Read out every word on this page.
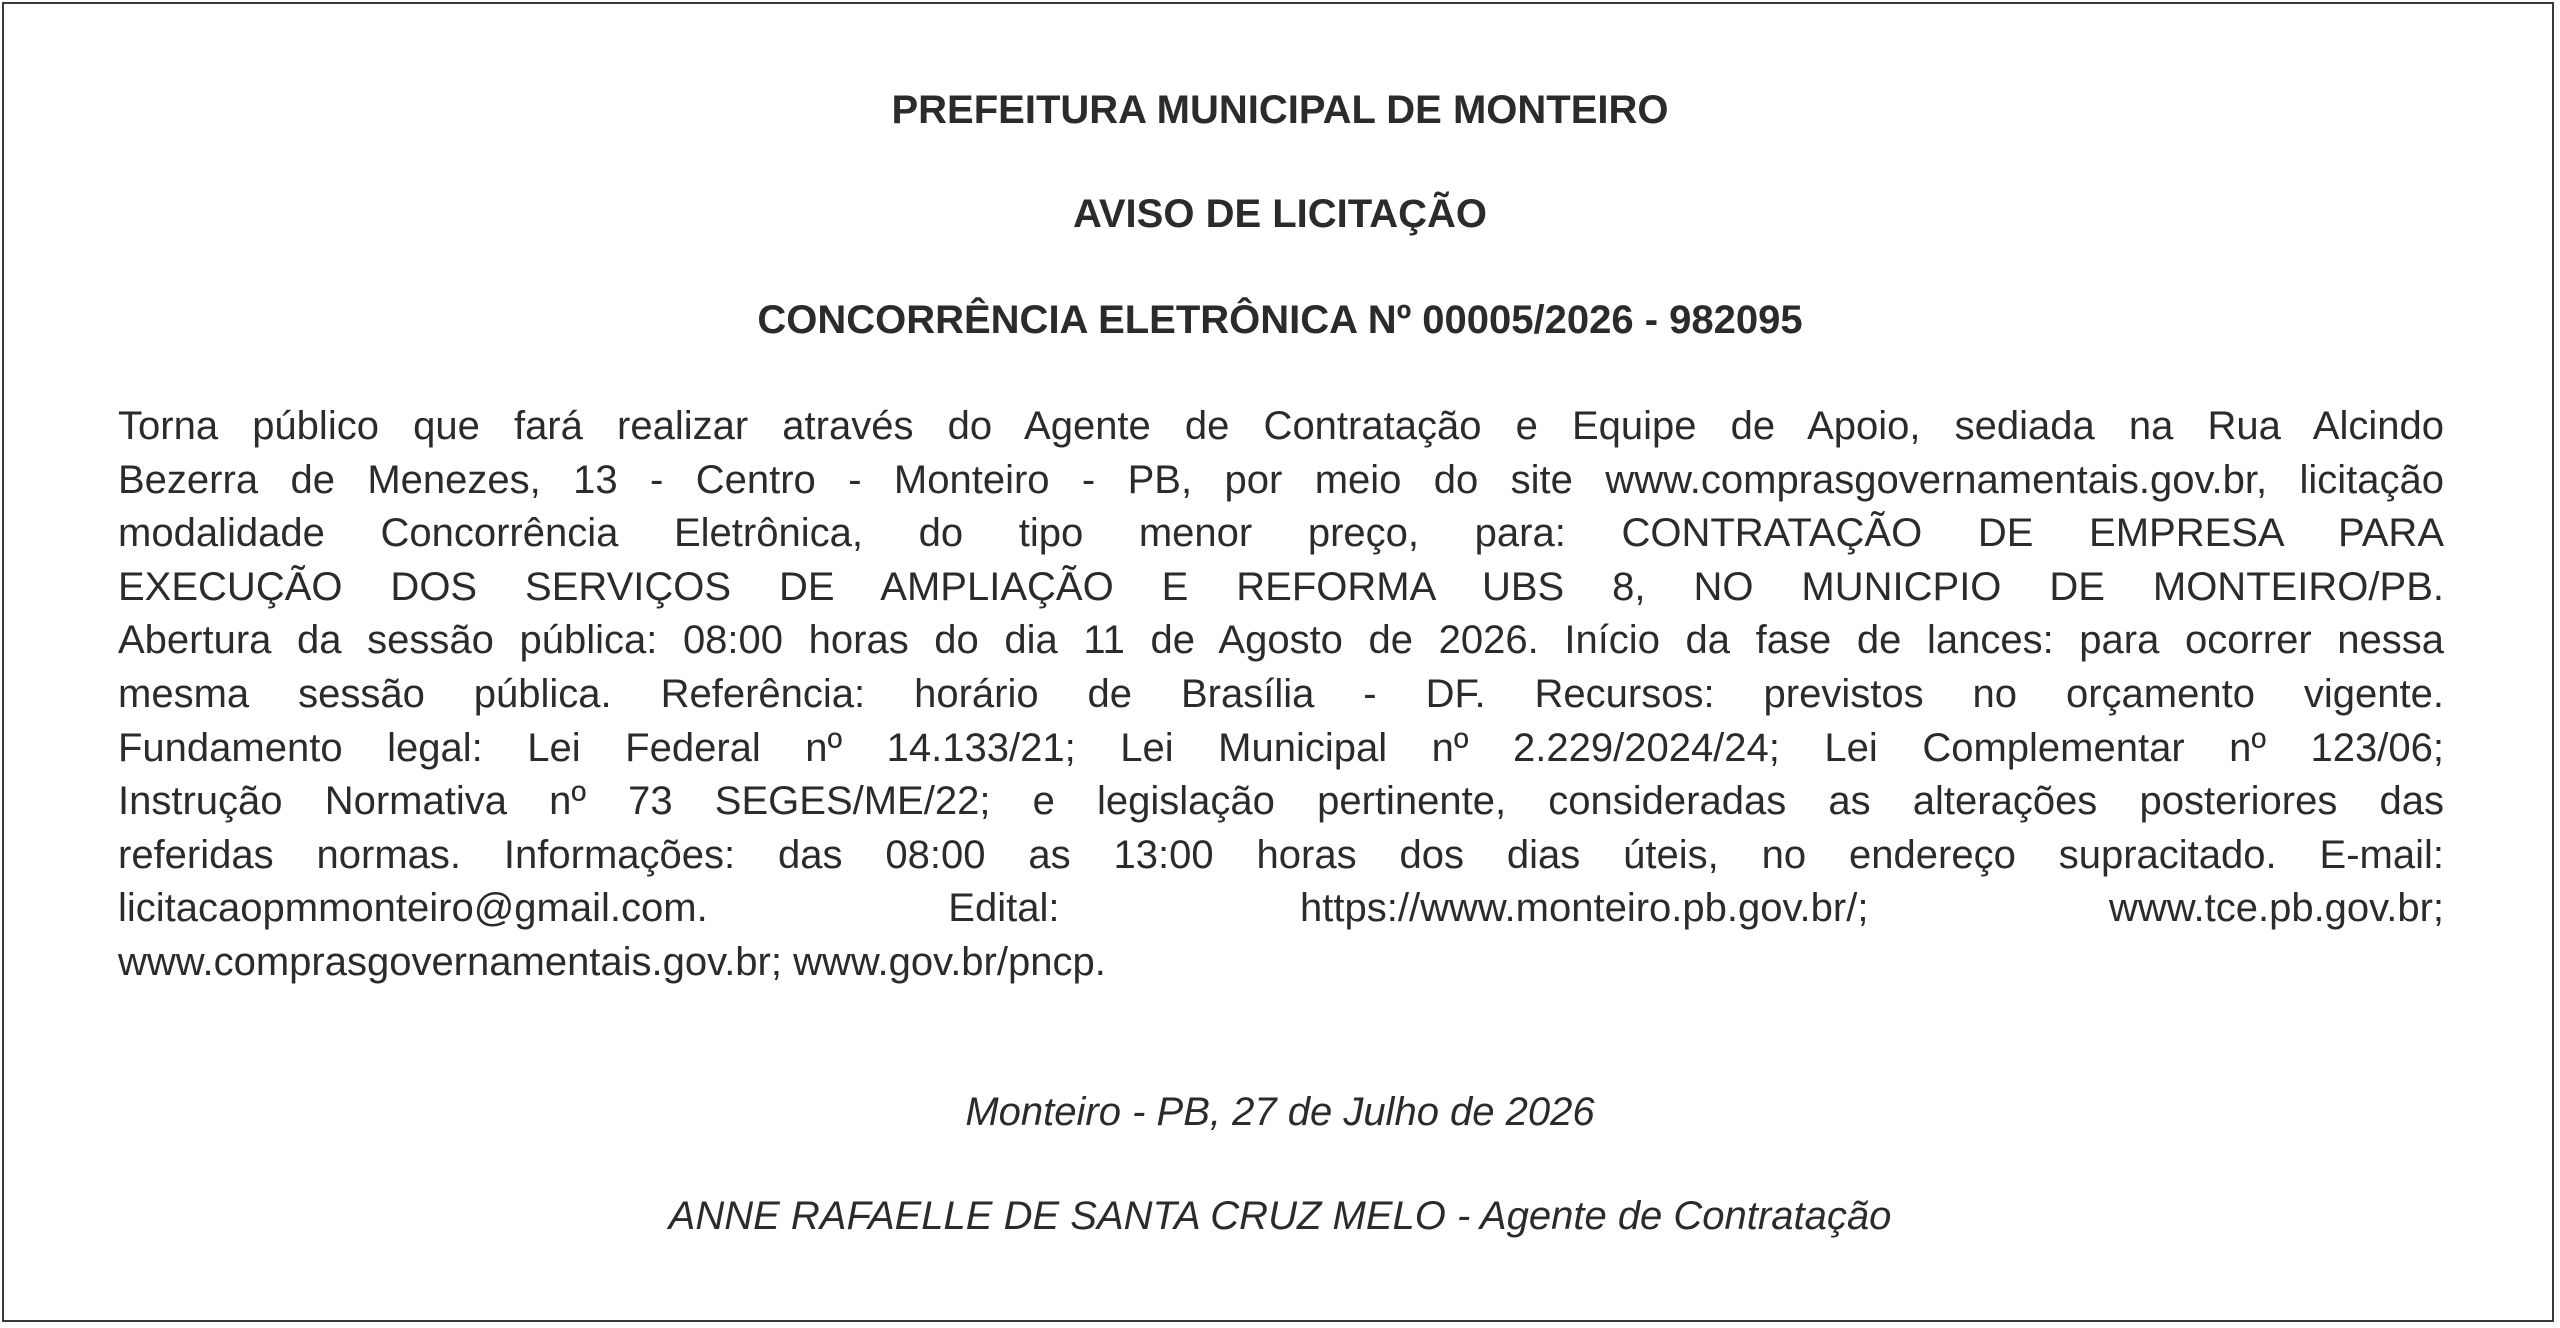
PREFEITURA MUNICIPAL DE MONTEIRO
AVISO DE LICITAÇÃO
CONCORRÊNCIA ELETRÔNICA Nº 00005/2026 - 982095
Torna público que fará realizar através do Agente de Contratação e Equipe de Apoio, sediada na Rua Alcindo
Bezerra de Menezes, 13 - Centro - Monteiro - PB, por meio do site www.comprasgovernamentais.gov.br, licitação
modalidade Concorrência Eletrônica, do tipo menor preço, para: CONTRATAÇÃO DE EMPRESA PARA
EXECUÇÃO DOS SERVIÇOS DE AMPLIAÇÃO E REFORMA UBS 8, NO MUNICPIO DE MONTEIRO/PB.
Abertura da sessão pública: 08:00 horas do dia 11 de Agosto de 2026. Início da fase de lances: para ocorrer nessa
mesma sessão pública. Referência: horário de Brasília - DF. Recursos: previstos no orçamento vigente.
Fundamento legal: Lei Federal nº 14.133/21; Lei Municipal nº 2.229/2024/24; Lei Complementar nº 123/06;
Instrução Normativa nº 73 SEGES/ME/22; e legislação pertinente, consideradas as alterações posteriores das
referidas normas. Informações: das 08:00 as 13:00 horas dos dias úteis, no endereço supracitado. E-mail:
licitacaopmmonteiro@gmail.com. Edital: https://www.monteiro.pb.gov.br/; www.tce.pb.gov.br;
www.comprasgovernamentais.gov.br; www.gov.br/pncp.
Monteiro - PB, 27 de Julho de 2026
ANNE RAFAELLE DE SANTA CRUZ MELO - Agente de Contratação
